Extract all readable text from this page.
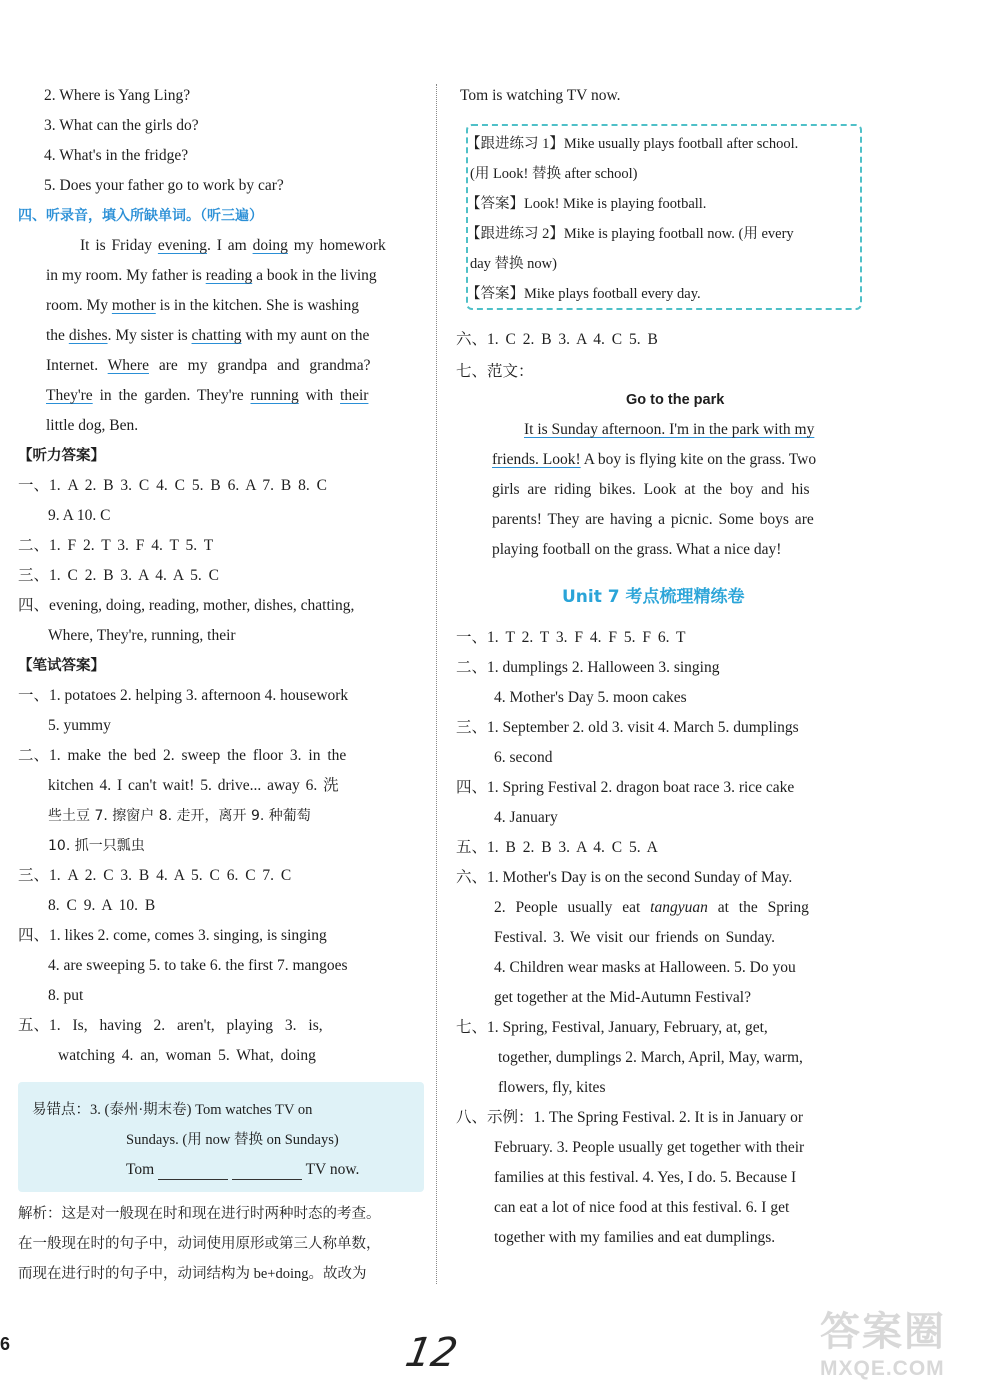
2. Where is Yang Ling?
3. What can the girls do?
4. What's in the fridge?
5. Does your father go to work by car?
四、听录音，填入所缺单词。（听三遍）
It is Friday evening. I am doing my homework
in my room. My father is reading a book in the living
room. My mother is in the kitchen. She is washing
the dishes. My sister is chatting with my aunt on the
Internet. Where are my grandpa and grandma?
They're in the garden. They're running with their
little dog, Ben.
【听力答案】
一、1. A 2. B 3. C 4. C 5. B 6. A 7. B 8. C
9. A 10. C
二、1. F 2. T 3. F 4. T 5. T
三、1. C 2. B 3. A 4. A 5. C
四、evening, doing, reading, mother, dishes, chatting,
Where, They're, running, their
【笔试答案】
一、1. potatoes 2. helping 3. afternoon 4. housework
5. yummy
二、1. make the bed 2. sweep the floor 3. in the
kitchen 4. I can't wait! 5. drive... away 6. 洗
些土豆 7. 擦窗户 8. 走开，离开 9. 种葡萄
10. 抓一只瓢虫
三、1. A 2. C 3. B 4. A 5. C 6. C 7. C
8. C 9. A 10. B
四、1. likes 2. come, comes 3. singing, is singing
4. are sweeping 5. to take 6. the first 7. mangoes
8. put
五、1. Is, having 2. aren't, playing 3. is,
watching 4. an, woman 5. What, doing
解析：这是对一般现在时和现在进行时两种时态的考查。
在一般现在时的句子中，动词使用原形或第三人称单数，
而现在进行时的句子中，动词结构为 be+doing。故改为
易错点：3. (泰州·期末卷) Tom watches TV on
Sundays. (用 now 替换 on Sundays)
Tom	TV now.
Tom is watching TV now.
【跟进练习 1】Mike usually plays football after school.
(用 Look! 替换 after school)
【答案】Look! Mike is playing football.
【跟进练习 2】Mike is playing football now. (用 every
day 替换 now)
【答案】Mike plays football every day.
六、1. C 2. B 3. A 4. C 5. B
七、范文：
Go to the park
It is Sunday afternoon. I'm in the park with my
friends. Look! A boy is flying kite on the grass. Two
girls are riding bikes. Look at the boy and his
parents! They are having a picnic. Some boys are
playing football on the grass. What a nice day!
Unit 7 考点梳理精练卷
一、1. T 2. T 3. F 4. F 5. F 6. T
二、1. dumplings 2. Halloween 3. singing
4. Mother's Day 5. moon cakes
三、1. September 2. old 3. visit 4. March 5. dumplings
6. second
四、1. Spring Festival 2. dragon boat race 3. rice cake
4. January
五、1. B 2. B 3. A 4. C 5. A
六、1. Mother's Day is on the second Sunday of May.
2. People usually eat tangyuan at the Spring
Festival. 3. We visit our friends on Sunday.
4. Children wear masks at Halloween. 5. Do you
get together at the Mid-Autumn Festival?
七、1. Spring, Festival, January, February, at, get,
together, dumplings 2. March, April, May, warm,
flowers, fly, kites
八、示例：1. The Spring Festival. 2. It is in January or
February. 3. People usually get together with their
families at this festival. 4. Yes, I do. 5. Because I
can eat a lot of nice food at this festival. 6. I get
together with my families and eat dumplings.
6	12	答案圈
MXQE.COM
